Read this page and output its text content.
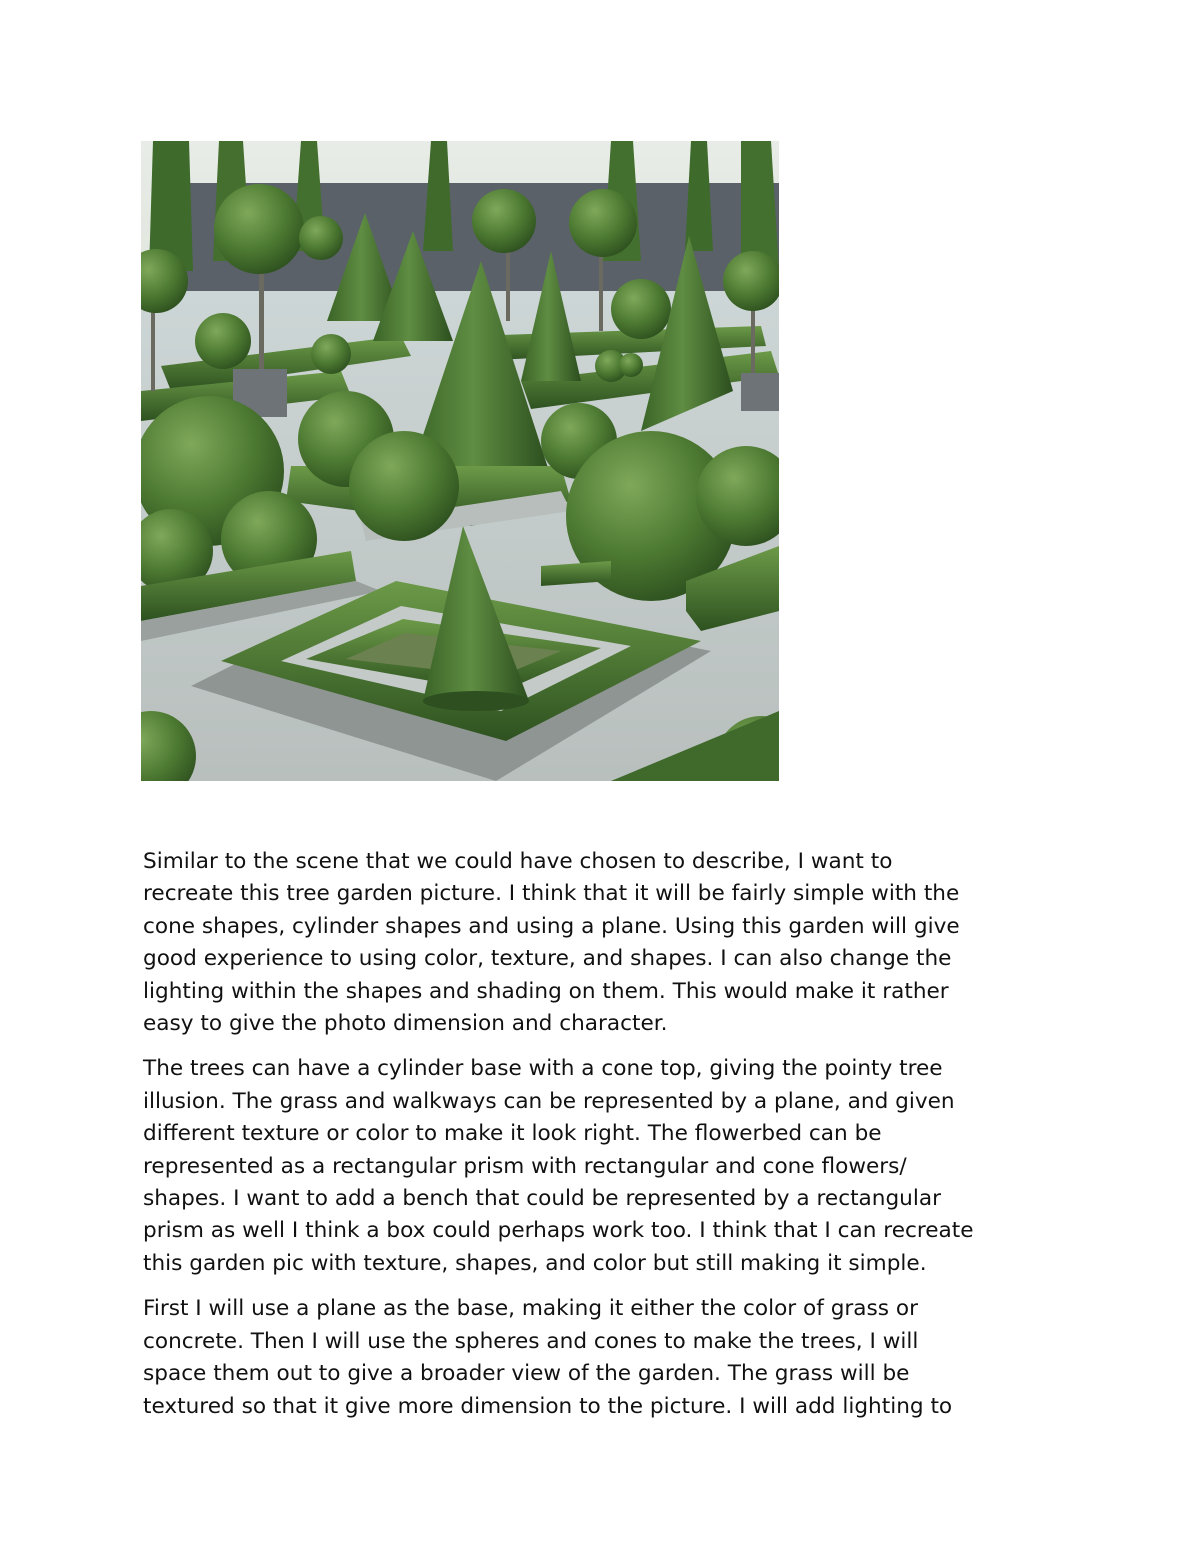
Similar to the scene that we could have chosen to describe, I want to
recreate this tree garden picture. I think that it will be fairly simple with the
cone shapes, cylinder shapes and using a plane. Using this garden will give
good experience to using color, texture, and shapes. I can also change the
lighting within the shapes and shading on them. This would make it rather
easy to give the photo dimension and character.

The trees can have a cylinder base with a cone top, giving the pointy tree
illusion. The grass and walkways can be represented by a plane, and given
different texture or color to make it look right. The flowerbed can be
represented as a rectangular prism with rectangular and cone flowers/
shapes. I want to add a bench that could be represented by a rectangular
prism as well I think a box could perhaps work too. I think that I can recreate
this garden pic with texture, shapes, and color but still making it simple.

First I will use a plane as the base, making it either the color of grass or
concrete. Then I will use the spheres and cones to make the trees, I will
space them out to give a broader view of the garden. The grass will be
textured so that it give more dimension to the picture. I will add lighting to
